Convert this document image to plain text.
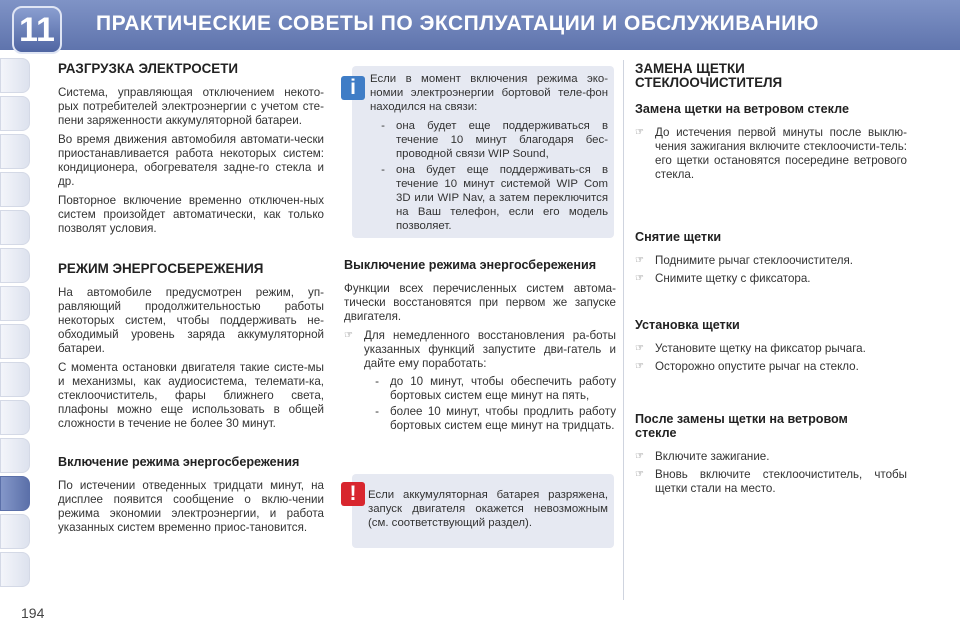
11	ПРАКТИЧЕСКИЕ СОВЕТЫ ПО ЭКСПЛУАТАЦИИ И ОБСЛУЖИВАНИЮ
194
РАЗГРУЗКА ЭЛЕКТРОСЕТИ

Система, управляющая отключением некото-рых потребителей электроэнергии с учетом сте-пени заряженности аккумуляторной батареи.

Во время движения автомобиля автомати-чески приостанавливается работа некоторых систем: кондиционера, обогревателя задне-го стекла и др.

Повторное включение временно отключен-ных систем произойдет автоматически, как только позволят условия.

РЕЖИМ ЭНЕРГОСБЕРЕЖЕНИЯ

На автомобиле предусмотрен режим, уп-равляющий продолжительностью работы некоторых систем, чтобы поддерживать не-обходимый уровень заряда аккумуляторной батареи.

С момента остановки двигателя такие систе-мы и механизмы, как аудиосистема, телемати-ка, стеклоочиститель, фары ближнего света, плафоны можно еще использовать в общей сложности в течение не более 30 минут.

Включение режима энергосбережения

По истечении отведенных тридцати минут, на дисплее появится сообщение о вклю-чении режима экономии электроэнергии, и работа указанных систем временно приос-тановится.

Если в момент включения режима эко-номии электроэнергии бортовой теле-фон находился на связи:

- она будет еще поддерживаться в течение 10 минут благодаря бес-проводной связи WIP Sound,
- она будет еще поддерживать-ся в течение 10 минут системой WIP Com 3D или WIP Nav, а затем переключится на Ваш телефон, если его модель позволяет.
i
Выключение режима энергосбережения

Функции всех перечисленных систем автома-тически восстановятся при первом же запуске двигателя.

☞ Для немедленного восстановления ра-боты указанных функций запустите дви-гатель и дайте ему поработать:
- до 10 минут, чтобы обеспечить работу бортовых систем еще минут на пять,
- более 10 минут, чтобы продлить работу бортовых систем еще минут на тридцать.

Если аккумуляторная батарея разряжена, запуск двигателя окажется невозможным (см. соответствующий раздел).

!
ЗАМЕНА ЩЕТКИ СТЕКЛООЧИСТИТЕЛЯ
Замена щетки на ветровом стекле
☞ До истечения первой минуты после выклю-чения зажигания включите стеклоочисти-тель: его щетки остановятся посередине ветрового стекла.
Снятие щетки
☞ Поднимите рычаг стеклоочистителя.
☞ Снимите щетку с фиксатора.
Установка щетки
☞ Установите щетку на фиксатор рычага.
☞ Осторожно опустите рычаг на стекло.
После замены щетки на ветровом стекле
☞ Включите зажигание.
☞ Вновь включите стеклоочиститель, чтобы щетки стали на место.
